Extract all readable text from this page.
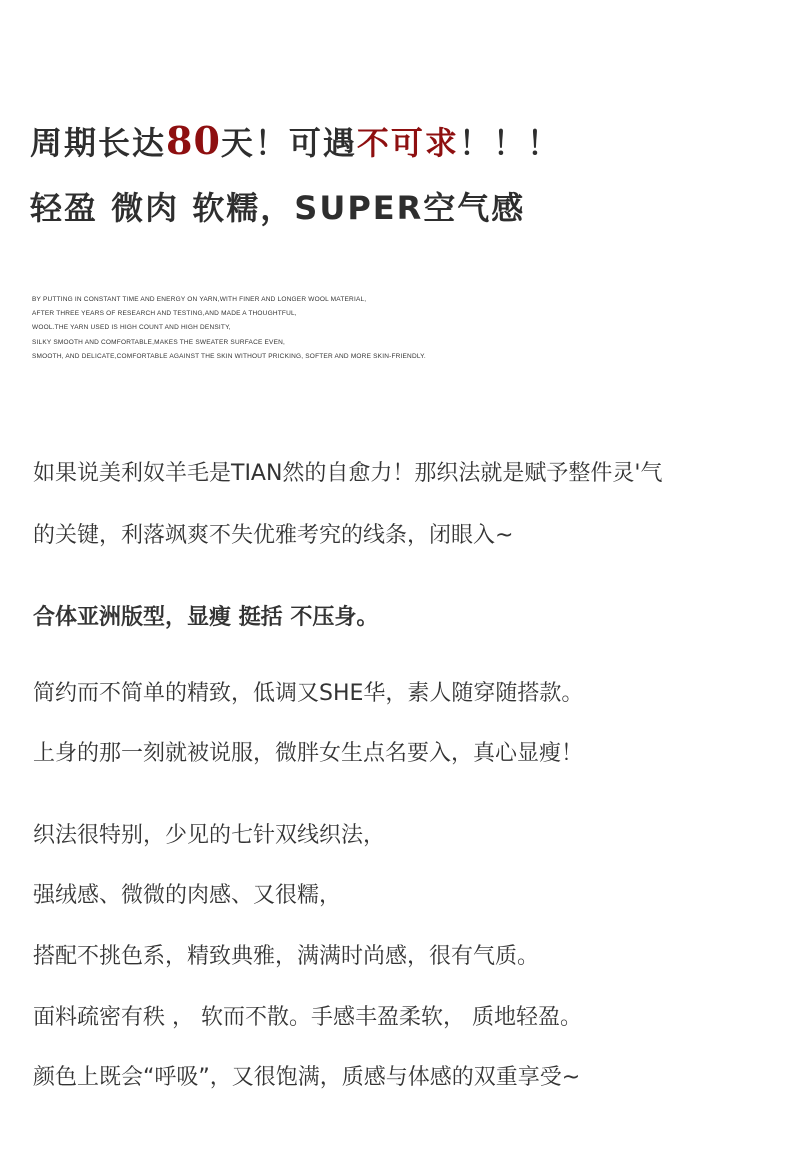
周期长达80天！可遇不可求！！！
轻盈 微肉 软糯，SUPER空气感
BY PUTTING IN CONSTANT TIME AND ENERGY ON YARN,WITH FINER AND LONGER WOOL MATERIAL,
AFTER THREE YEARS OF RESEARCH AND TESTING,AND MADE A THOUGHTFUL,
WOOL.THE YARN USED IS HIGH COUNT AND HIGH DENSITY,
SILKY SMOOTH AND COMFORTABLE,MAKES THE SWEATER SURFACE EVEN,
SMOOTH, AND DELICATE,COMFORTABLE AGAINST THE SKIN WITHOUT PRICKING, SOFTER AND MORE SKIN-FRIENDLY.
如果说美利奴羊毛是TIAN然的自愈力！那织法就是赋予整件灵'气
的关键，利落飒爽不失优雅考究的线条，闭眼入~
合体亚洲版型，显瘦 挺括 不压身。
简约而不简单的精致，低调又SHE华，素人随穿随搭款。
上身的那一刻就被说服，微胖女生点名要入，真心显瘦！
织法很特别，少见的七针双线织法，
强绒感、微微的肉感、又很糯，
搭配不挑色系，精致典雅，满满时尚感，很有气质。
面料疏密有秩 ， 软而不散。手感丰盈柔软， 质地轻盈。
颜色上既会“呼吸”，又很饱满，质感与体感的双重享受~
